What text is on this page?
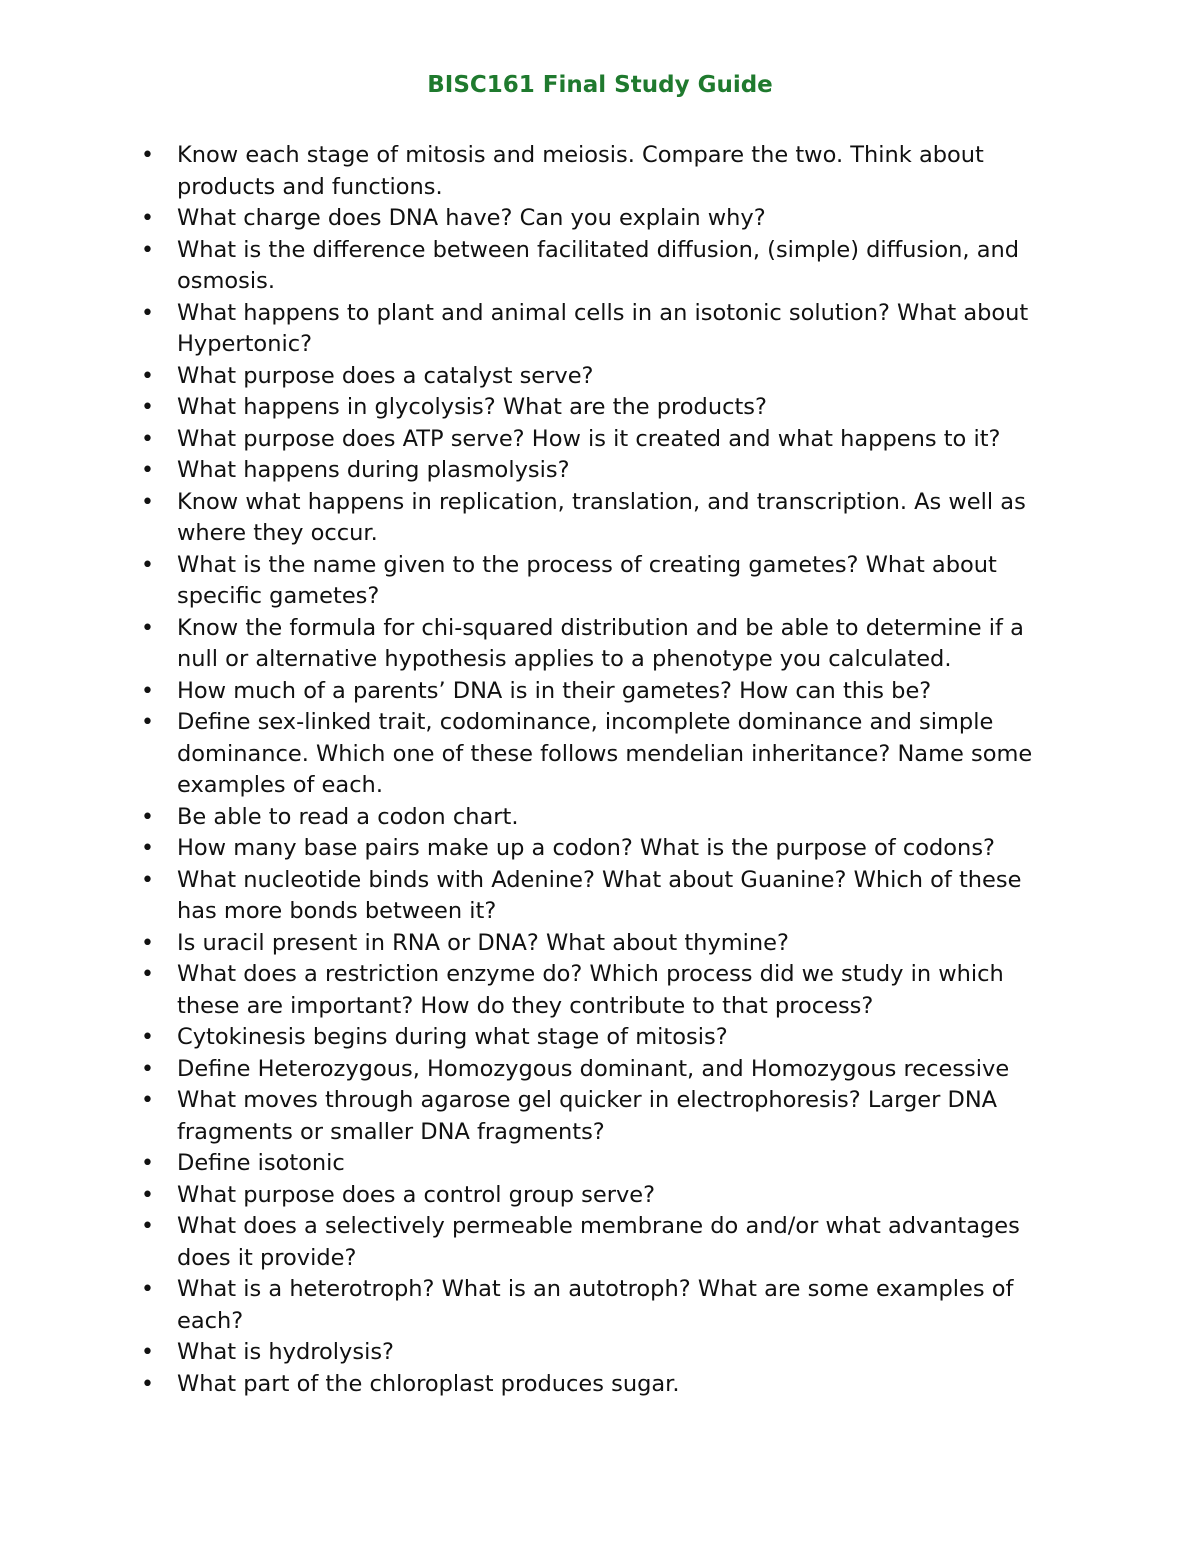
BISC161 Final Study Guide
• Know each stage of mitosis and meiosis. Compare the two. Think about products and functions.
• What charge does DNA have? Can you explain why?
• What is the difference between facilitated diffusion, (simple) diffusion, and osmosis.
• What happens to plant and animal cells in an isotonic solution? What about Hypertonic?
• What purpose does a catalyst serve?
• What happens in glycolysis? What are the products?
• What purpose does ATP serve? How is it created and what happens to it?
• What happens during plasmolysis?
• Know what happens in replication, translation, and transcription. As well as where they occur.
• What is the name given to the process of creating gametes? What about specific gametes?
• Know the formula for chi-squared distribution and be able to determine if a null or alternative hypothesis applies to a phenotype you calculated.
• How much of a parents’ DNA is in their gametes? How can this be?
• Define sex-linked trait, codominance, incomplete dominance and simple dominance. Which one of these follows mendelian inheritance? Name some examples of each.
• Be able to read a codon chart.
• How many base pairs make up a codon? What is the purpose of codons?
• What nucleotide binds with Adenine? What about Guanine? Which of these has more bonds between it?
• Is uracil present in RNA or DNA? What about thymine?
• What does a restriction enzyme do? Which process did we study in which these are important? How do they contribute to that process?
• Cytokinesis begins during what stage of mitosis?
• Define Heterozygous, Homozygous dominant, and Homozygous recessive
• What moves through agarose gel quicker in electrophoresis? Larger DNA fragments or smaller DNA fragments?
• Define isotonic
• What purpose does a control group serve?
• What does a selectively permeable membrane do and/or what advantages does it provide?
• What is a heterotroph? What is an autotroph? What are some examples of each?
• What is hydrolysis?
• What part of the chloroplast produces sugar.
